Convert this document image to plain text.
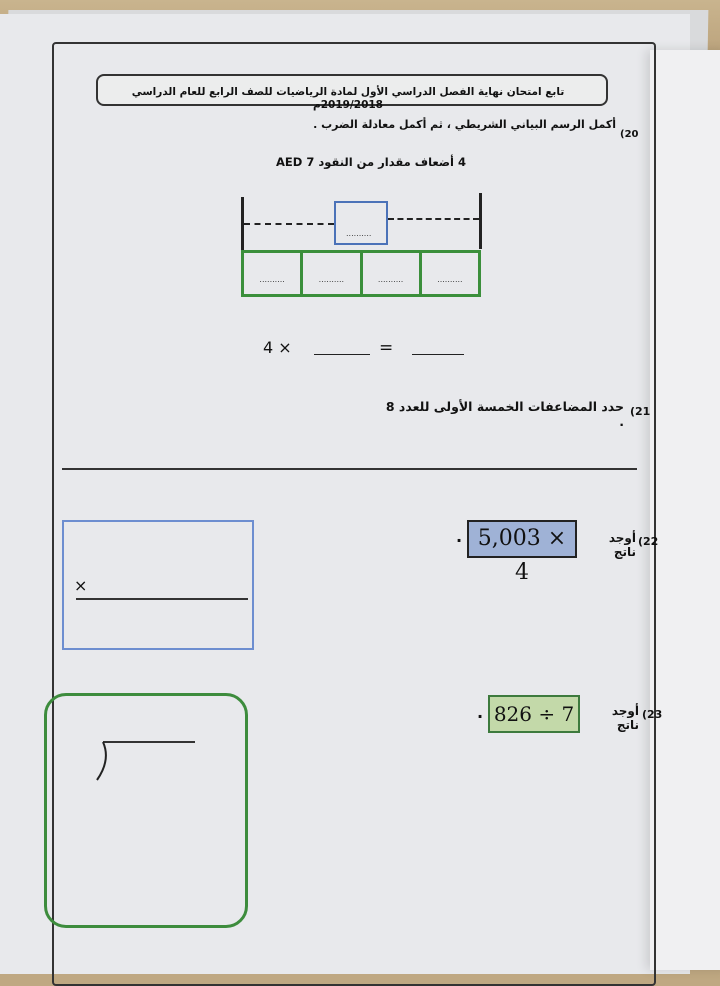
تابع امتحان نهاية الفصل الدراسي الأول لمادة الرياضيات للصف الرابع للعام الدراسي 2019/2018م
(20
أكمل الرسم البياني الشريطي ، ثم أكمل معادلة الضرب .
4 أضعاف مقدار من النقود AED 7
..........
..........	..........	..........	..........
4 ×	=
(21
حدد المضاعفات الخمسة الأولى للعدد 8 .
×
(22
أوجد ناتج
5,003 × 4
.
(23
أوجد ناتج
826 ÷ 7
.
